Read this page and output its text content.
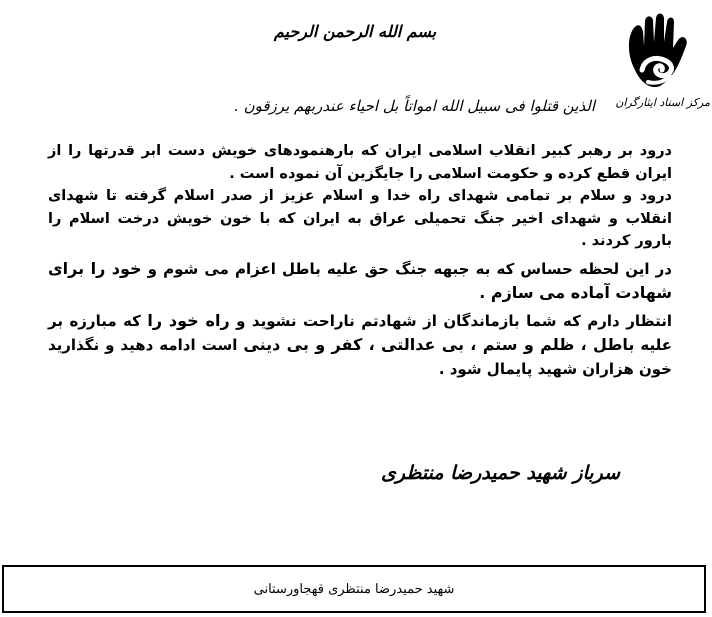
مرکز اسناد ایثارگران
بسم الله الرحمن الرحیم
الذین قتلوا فی سبیل الله امواتاً بل احیاء عندربهم یرزقون .

درود بر رهبر کبیر انقلاب اسلامی ایران که بارهنمودهای خویش دست ابر قدرتها را از ایران قطع کرده و حکومت اسلامی را جایگزین آن نموده است .

درود و سلام بر تمامی شهدای راه خدا و اسلام عزیز از صدر اسلام گرفته تا شهدای انقلاب و شهدای اخیر جنگ تحمیلی عراق به ایران که با خون خویش درخت اسلام را بارور کردند .

در این لحظه حساس که به جبهه جنگ حق علیه باطل اعزام می شوم و خود را برای شهادت آماده می سازم .

انتظار دارم که شما بازماندگان از شهادتم ناراحت نشوید و راه خود را که مبارزه بر علیه باطل ، ظلم و ستم ، بی عدالتی ، کفر و بی دینی است ادامه دهید و نگذارید خون هزاران شهید پایمال شود .

سرباز شهید حمیدرضا منتظری
شهید حمیدرضا منتظری قهجاورستانی
